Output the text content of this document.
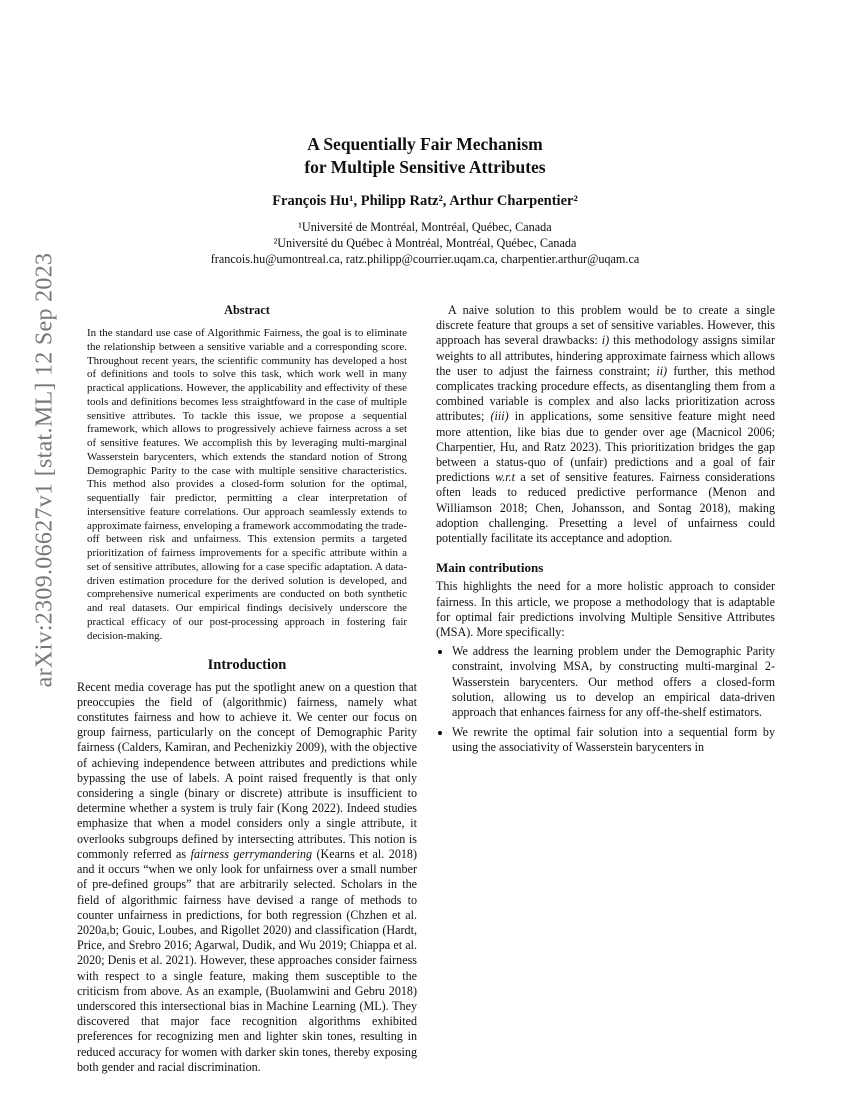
arXiv:2309.06627v1 [stat.ML] 12 Sep 2023
A Sequentially Fair Mechanism
for Multiple Sensitive Attributes
François Hu¹, Philipp Ratz², Arthur Charpentier²
¹Université de Montréal, Montréal, Québec, Canada
²Université du Québec à Montréal, Montréal, Québec, Canada
francois.hu@umontreal.ca, ratz.philipp@courrier.uqam.ca, charpentier.arthur@uqam.ca
Abstract

In the standard use case of Algorithmic Fairness, the goal is to eliminate the relationship between a sensitive variable and a corresponding score. Throughout recent years, the scientific community has developed a host of definitions and tools to solve this task, which work well in many practical applications. However, the applicability and effectivity of these tools and definitions becomes less straightfoward in the case of multiple sensitive attributes. To tackle this issue, we propose a sequential framework, which allows to progressively achieve fairness across a set of sensitive features. We accomplish this by leveraging multi-marginal Wasserstein barycenters, which extends the standard notion of Strong Demographic Parity to the case with multiple sensitive characteristics. This method also provides a closed-form solution for the optimal, sequentially fair predictor, permitting a clear interpretation of intersensitive feature correlations. Our approach seamlessly extends to approximate fairness, enveloping a framework accommodating the trade-off between risk and unfairness. This extension permits a targeted prioritization of fairness improvements for a specific attribute within a set of sensitive attributes, allowing for a case specific adaptation. A data-driven estimation procedure for the derived solution is developed, and comprehensive numerical experiments are conducted on both synthetic and real datasets. Our empirical findings decisively underscore the practical efficacy of our post-processing approach in fostering fair decision-making.

Introduction

Recent media coverage has put the spotlight anew on a question that preoccupies the field of (algorithmic) fairness, namely what constitutes fairness and how to achieve it. We center our focus on group fairness, particularly on the concept of Demographic Parity fairness (Calders, Kamiran, and Pechenizkiy 2009), with the objective of achieving independence between attributes and predictions while bypassing the use of labels. A point raised frequently is that only considering a single (binary or discrete) attribute is insufficient to determine whether a system is truly fair (Kong 2022). Indeed studies emphasize that when a model considers only a single attribute, it overlooks subgroups defined by intersecting attributes. This notion is commonly referred as fairness gerrymandering (Kearns et al. 2018) and it occurs “when we only look for unfairness over a small number of pre-defined groups” that are arbitrarily selected. Scholars in the field of algorithmic fairness have devised a range of methods to counter unfairness in predictions, for both regression (Chzhen et al. 2020a,b; Gouic, Loubes, and Rigollet 2020) and classification (Hardt, Price, and Srebro 2016; Agarwal, Dudik, and Wu 2019; Chiappa et al. 2020; Denis et al. 2021). However, these approaches consider fairness with respect to a single feature, making them susceptible to the criticism from above. As an example, (Buolamwini and Gebru 2018) underscored this intersectional bias in Machine Learning (ML). They discovered that major face recognition algorithms exhibited preferences for recognizing men and lighter skin tones, resulting in reduced accuracy for women with darker skin tones, thereby exposing both gender and racial discrimination.

A naive solution to this problem would be to create a single discrete feature that groups a set of sensitive variables. However, this approach has several drawbacks: i) this methodology assigns similar weights to all attributes, hindering approximate fairness which allows the user to adjust the fairness constraint; ii) further, this method complicates tracking procedure effects, as disentangling them from a combined variable is complex and also lacks prioritization across attributes; (iii) in applications, some sensitive feature might need more attention, like bias due to gender over age (Macnicol 2006; Charpentier, Hu, and Ratz 2023). This prioritization bridges the gap between a status-quo of (unfair) predictions and a goal of fair predictions w.r.t a set of sensitive features. Fairness considerations often leads to reduced predictive performance (Menon and Williamson 2018; Chen, Johansson, and Sontag 2018), making adoption challenging. Presetting a level of unfairness could potentially facilitate its acceptance and adoption.

Main contributions

This highlights the need for a more holistic approach to consider fairness. In this article, we propose a methodology that is adaptable for optimal fair predictions involving Multiple Sensitive Attributes (MSA). More specifically:

• We address the learning problem under the Demographic Parity constraint, involving MSA, by constructing multi-marginal 2-Wasserstein barycenters. Our method offers a closed-form solution, allowing us to develop an empirical data-driven approach that enhances fairness for any off-the-shelf estimators.
• We rewrite the optimal fair solution into a sequential form by using the associativity of Wasserstein barycenters in
